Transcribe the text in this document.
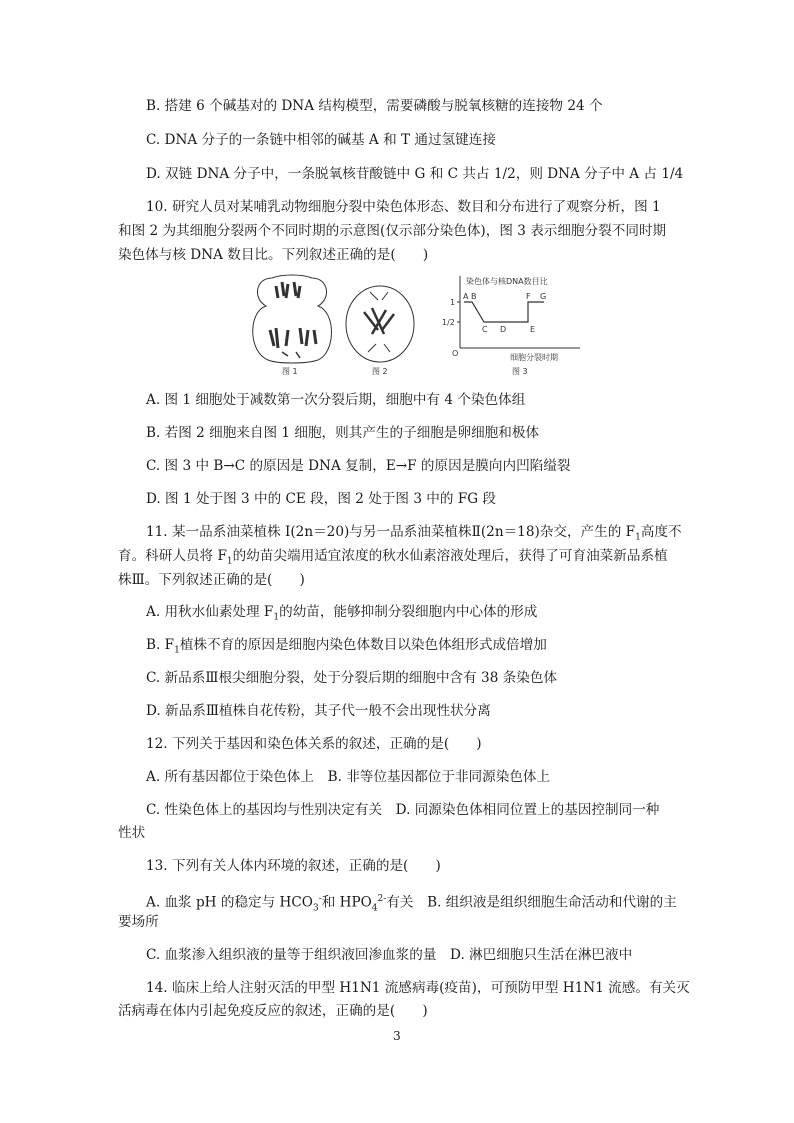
B. 搭建 6 个碱基对的 DNA 结构模型，需要磷酸与脱氧核糖的连接物 24 个
C. DNA 分子的一条链中相邻的碱基 A 和 T 通过氢键连接
D. 双链 DNA 分子中，一条脱氧核苷酸链中 G 和 C 共占 1/2，则 DNA 分子中 A 占 1/4
10. 研究人员对某哺乳动物细胞分裂中染色体形态、数目和分布进行了观察分析，图 1
和图 2 为其细胞分裂两个不同时期的示意图(仅示部分染色体)，图 3 表示细胞分裂不同时期
染色体与核 DNA 数目比。下列叙述正确的是(　　)
图 1	图 2	图 3
染色体与核DNA数目比
细胞分裂时期
1
1/2
O
A B
C D	E
F G
A. 图 1 细胞处于减数第一次分裂后期，细胞中有 4 个染色体组
B. 若图 2 细胞来自图 1 细胞，则其产生的子细胞是卵细胞和极体
C. 图 3 中 B→C 的原因是 DNA 复制，E→F 的原因是膜向内凹陷缢裂
D. 图 1 处于图 3 中的 CE 段，图 2 处于图 3 中的 FG 段
11. 某一品系油菜植株 I(2n＝20)与另一品系油菜植株Ⅱ(2n＝18)杂交，产生的 $F_1$高度不
育。科研人员将 $F_1$的幼苗尖端用适宜浓度的秋水仙素溶液处理后，获得了可育油菜新品系植
株Ⅲ。下列叙述正确的是(　　)
A. 用秋水仙素处理 $F_1$的幼苗，能够抑制分裂细胞内中心体的形成
B. $F_1$植株不育的原因是细胞内染色体数目以染色体组形式成倍增加
C. 新品系Ⅲ根尖细胞分裂，处于分裂后期的细胞中含有 38 条染色体
D. 新品系Ⅲ植株自花传粉，其子代一般不会出现性状分离
12. 下列关于基因和染色体关系的叙述，正确的是(　　)
A. 所有基因都位于染色体上　B. 非等位基因都位于非同源染色体上
C. 性染色体上的基因均与性别决定有关　D. 同源染色体相同位置上的基因控制同一种
性状
13. 下列有关人体内环境的叙述，正确的是(　　)
A. 血浆 pH 的稳定与 $HCO_3^-$和 $HPO_4^{2-}$有关　B. 组织液是组织细胞生命活动和代谢的主
要场所
C. 血浆渗入组织液的量等于组织液回渗血浆的量　D. 淋巴细胞只生活在淋巴液中
14. 临床上给人注射灭活的甲型 H1N1 流感病毒(疫苗)，可预防甲型 H1N1 流感。有关灭
活病毒在体内引起免疫反应的叙述，正确的是(　　)
3
